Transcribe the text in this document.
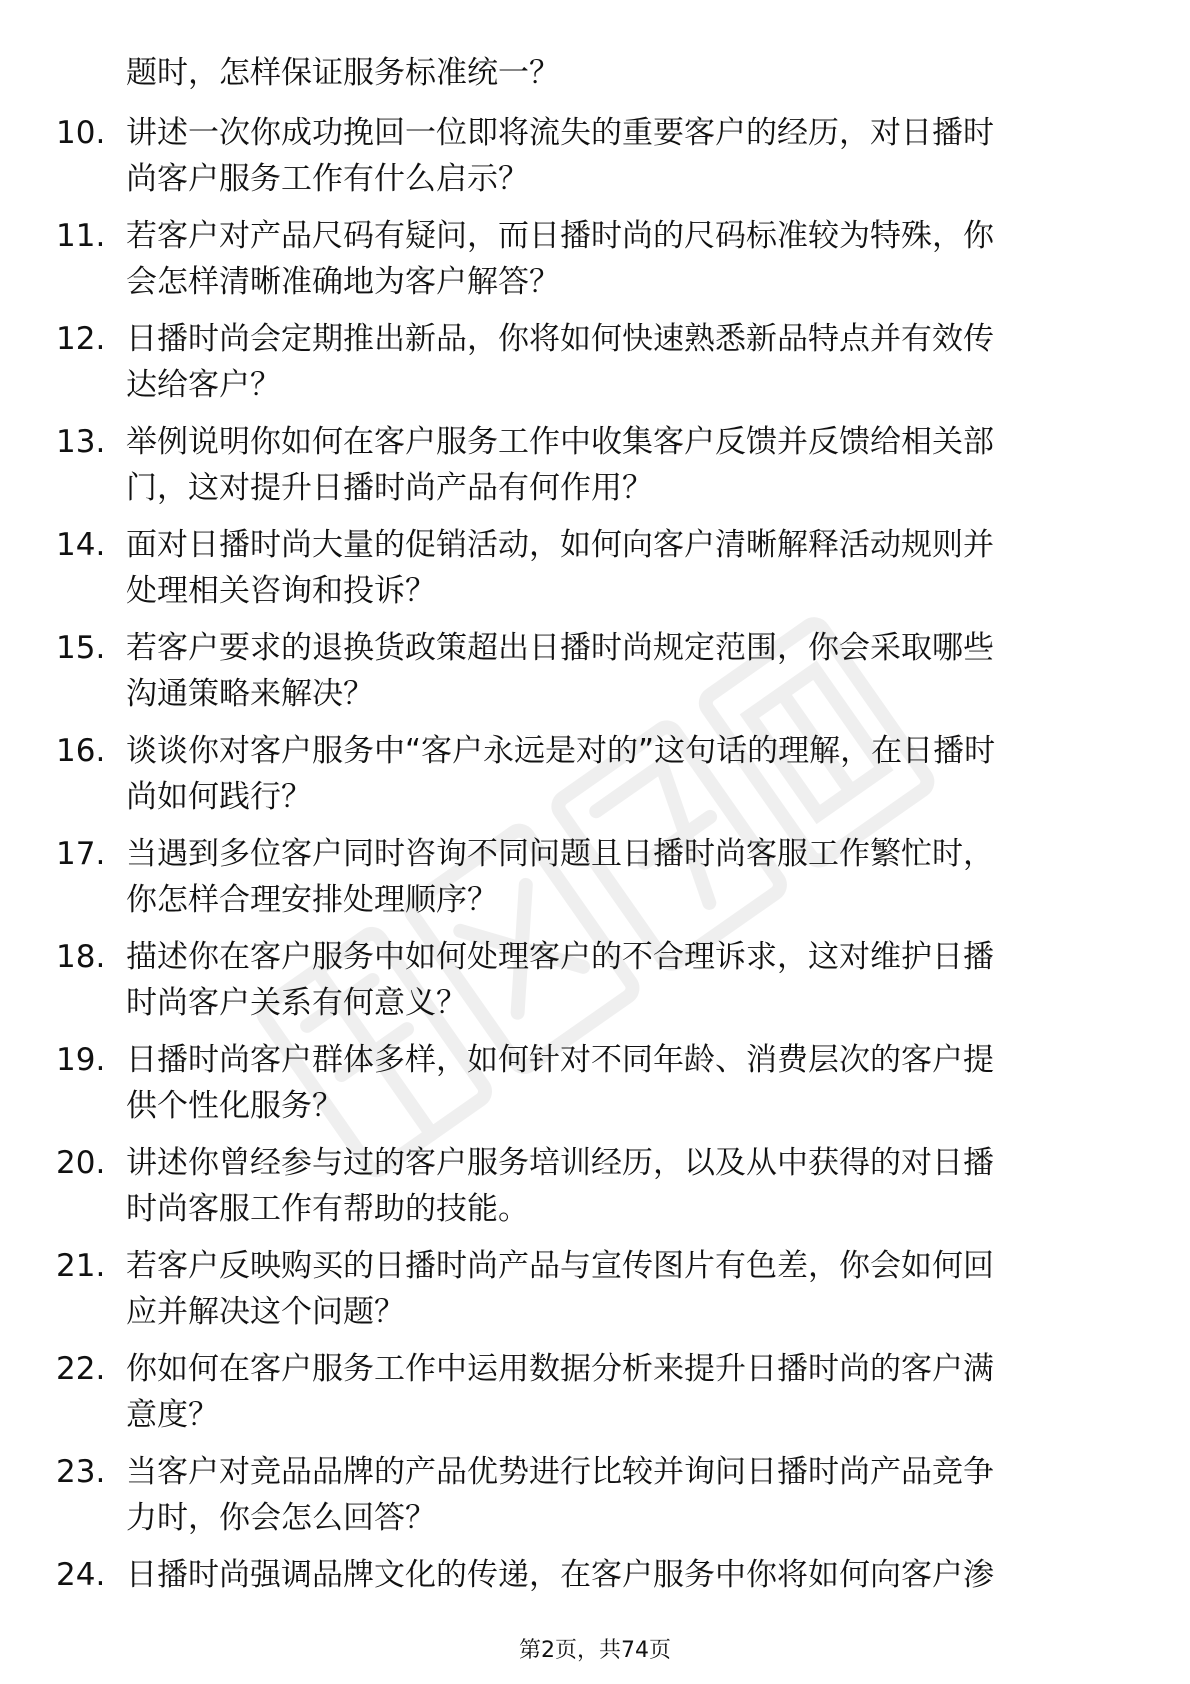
题时，怎样保证服务标准统一？
10. 讲述一次你成功挽回一位即将流失的重要客户的经历，对日播时
尚客户服务工作有什么启示？
11. 若客户对产品尺码有疑问，而日播时尚的尺码标准较为特殊，你
会怎样清晰准确地为客户解答？
12. 日播时尚会定期推出新品，你将如何快速熟悉新品特点并有效传
达给客户？
13. 举例说明你如何在客户服务工作中收集客户反馈并反馈给相关部
门，这对提升日播时尚产品有何作用？
14. 面对日播时尚大量的促销活动，如何向客户清晰解释活动规则并
处理相关咨询和投诉？
15. 若客户要求的退换货政策超出日播时尚规定范围，你会采取哪些
沟通策略来解决？
16. 谈谈你对客户服务中“客户永远是对的”这句话的理解，在日播时
尚如何践行？
17. 当遇到多位客户同时咨询不同问题且日播时尚客服工作繁忙时，
你怎样合理安排处理顺序？
18. 描述你在客户服务中如何处理客户的不合理诉求，这对维护日播
时尚客户关系有何意义？
19. 日播时尚客户群体多样，如何针对不同年龄、消费层次的客户提
供个性化服务？
20. 讲述你曾经参与过的客户服务培训经历，以及从中获得的对日播
时尚客服工作有帮助的技能。
21. 若客户反映购买的日播时尚产品与宣传图片有色差，你会如何回
应并解决这个问题？
22. 你如何在客户服务工作中运用数据分析来提升日播时尚的客户满
意度？
23. 当客户对竞品品牌的产品优势进行比较并询问日播时尚产品竞争
力时，你会怎么回答？
24. 日播时尚强调品牌文化的传递，在客户服务中你将如何向客户渗
第2页，共74页
